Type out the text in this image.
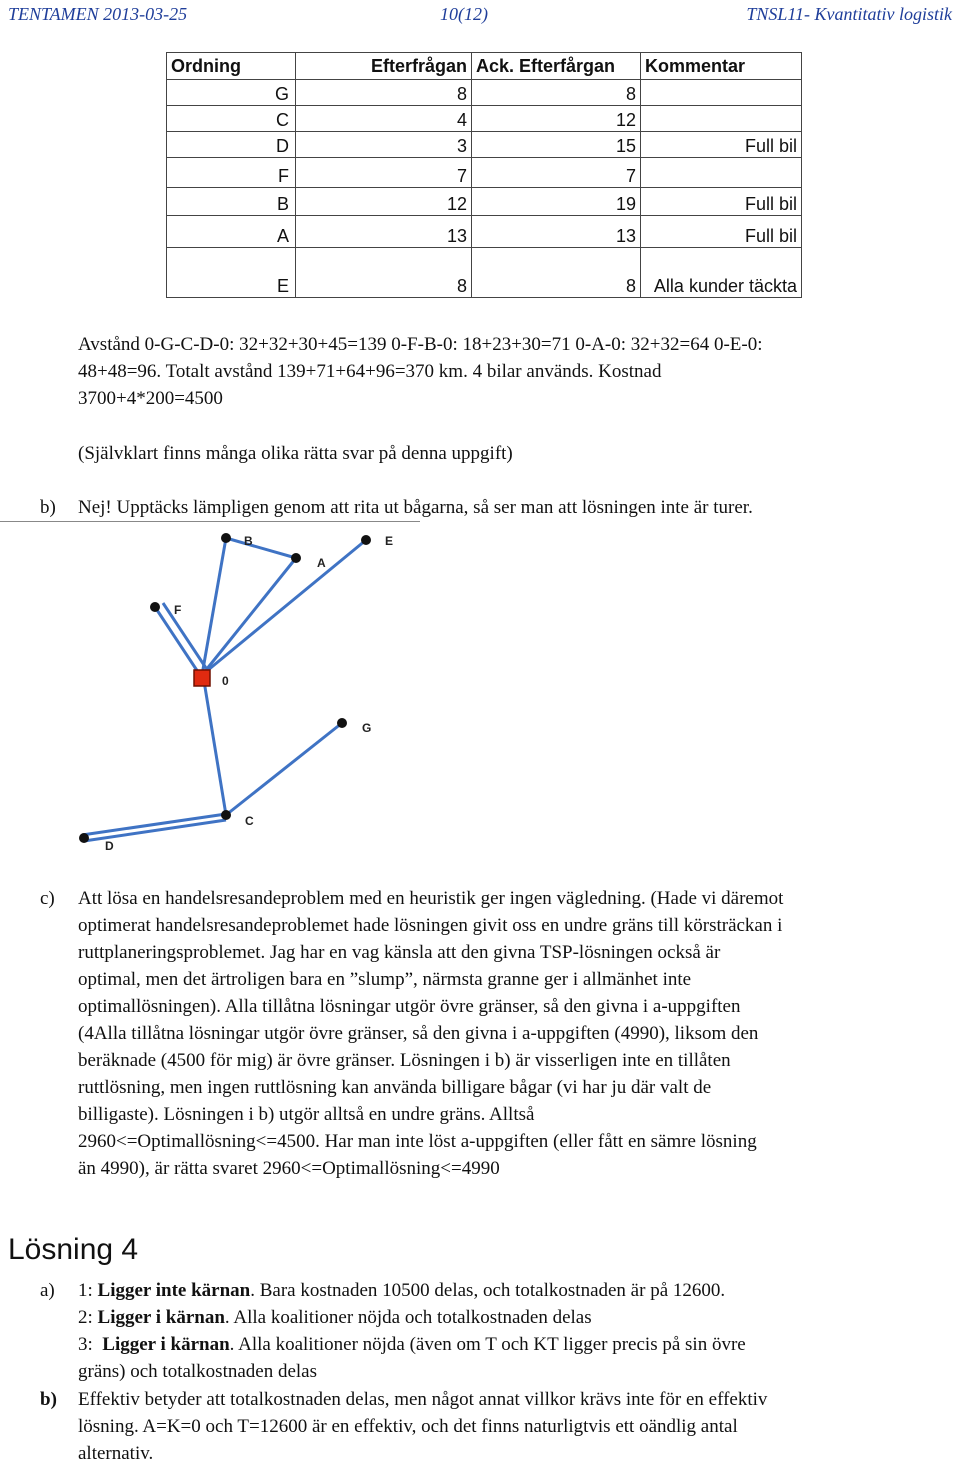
TENTAMEN 2013-03-25	10(12)	TNSL11- Kvantitativ logistik
Ordning	Efterfrågan	Ack. Efterfårgan	Kommentar
G	8	8	
C	4	12	
D	3	15	Full bil
F	7	7	
B	12	19	Full bil
A	13	13	Full bil
E	8	8	Alla kunder täckta
Avstånd 0-G-C-D-0: 32+32+30+45=139 0-F-B-0: 18+23+30=71 0-A-0: 32+32=64 0-E-0:
48+48=96. Totalt avstånd 139+71+64+96=370 km. 4 bilar används. Kostnad
3700+4*200=4500
(Självklart finns många olika rätta svar på denna uppgift)
b) Nej! Upptäcks lämpligen genom att rita ut bågarna, så ser man att lösningen inte är turer.
B	E
A
F
0
G
C
D
c) Att lösa en handelsresandeproblem med en heuristik ger ingen vägledning. (Hade vi däremot
optimerat handelsresandeproblemet hade lösningen givit oss en undre gräns till körsträckan i
ruttplaneringsproblemet. Jag har en vag känsla att den givna TSP-lösningen också är
optimal, men det ärtroligen bara en ”slump”, närmsta granne ger i allmänhet inte
optimallösningen). Alla tillåtna lösningar utgör övre gränser, så den givna i a-uppgiften
(4Alla tillåtna lösningar utgör övre gränser, så den givna i a-uppgiften (4990), liksom den
beräknade (4500 för mig) är övre gränser. Lösningen i b) är visserligen inte en tillåten
ruttlösning, men ingen ruttlösning kan använda billigare bågar (vi har ju där valt de
billigaste). Lösningen i b) utgör alltså en undre gräns. Alltså
2960<=Optimallösning<=4500. Har man inte löst a-uppgiften (eller fått en sämre lösning
än 4990), är rätta svaret 2960<=Optimallösning<=4990
Lösning 4
a) 1: Ligger inte kärnan. Bara kostnaden 10500 delas, och totalkostnaden är på 12600.
2: Ligger i kärnan. Alla koalitioner nöjda och totalkostnaden delas
3: Ligger i kärnan. Alla koalitioner nöjda (även om T och KT ligger precis på sin övre
gräns) och totalkostnaden delas
b) Effektiv betyder att totalkostnaden delas, men något annat villkor krävs inte för en effektiv
lösning. A=K=0 och T=12600 är en effektiv, och det finns naturligtvis ett oändlig antal
alternativ.
